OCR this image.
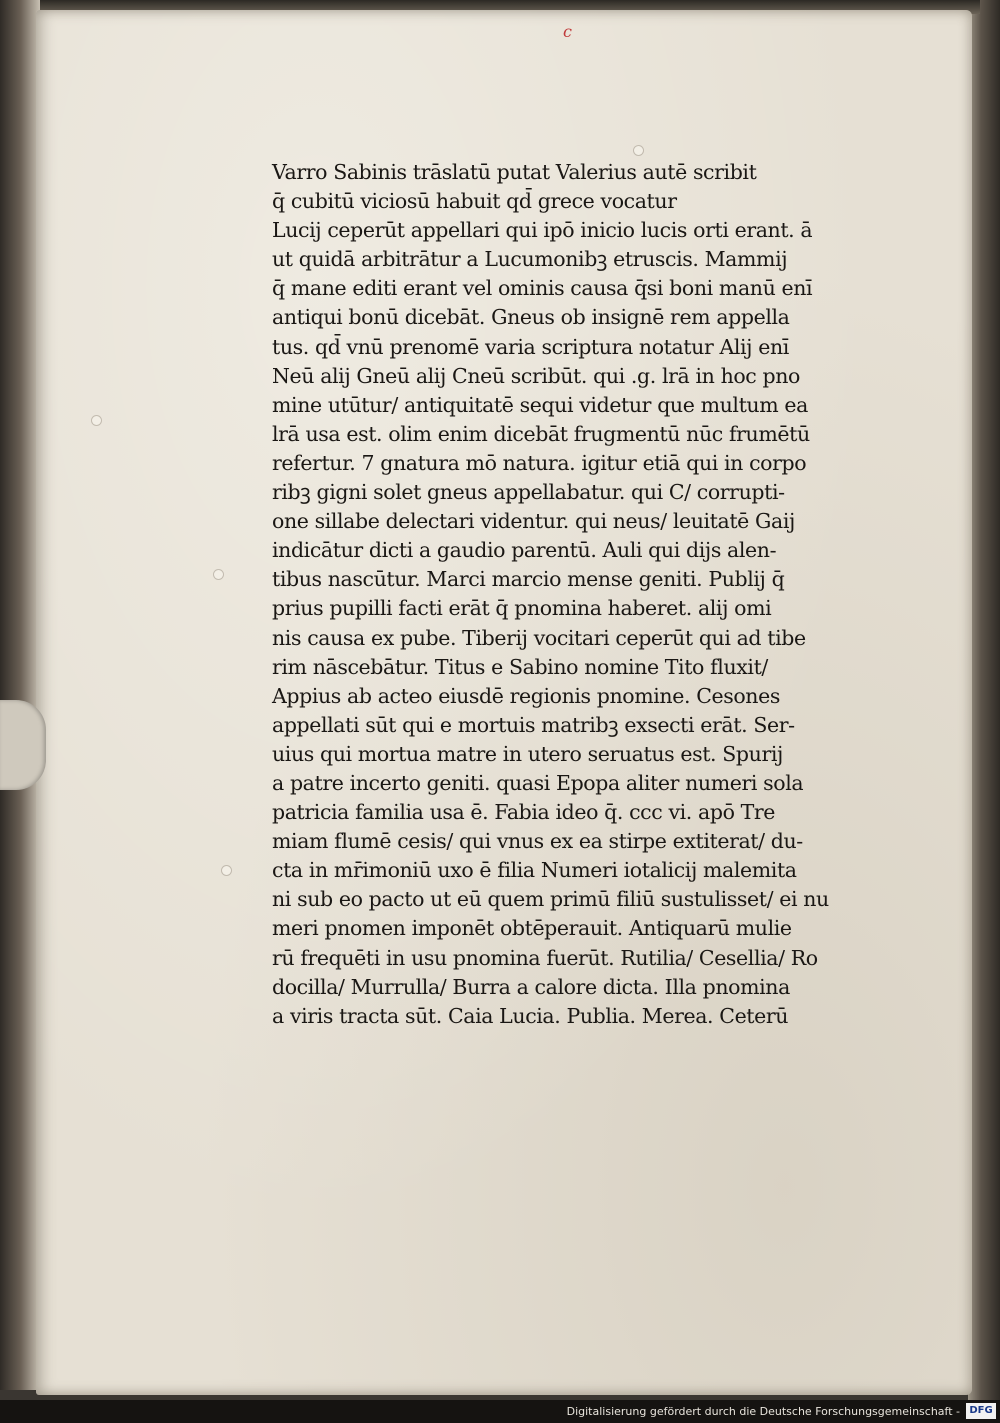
c
Varro Sabinis trāslatū putat Valerius autē scribit
q̄ cubitū viciosū habuit qd̄ grece vocatur
Lucij ceperūt appellari qui ipō inicio lucis orti erant. ā
ut quidā arbitrātur a Lucumonibꝫ etruscis. Mammij
q̄ mane editi erant vel ominis causa q̄si boni manū enī
antiqui bonū dicebāt. Gneus ob insignē rem appella
tus. qd̄ vnū prenomē varia scriptura notatur Alij enī
Neū alij Gneū alij Cneū scribūt. qui .g. lrā in hoc pno
mine utūtur/ antiquitatē sequi videtur que multum ea
lrā usa est. olim enim dicebāt frugmentū nūc frumētū
refertur. 7 gnatura mō natura. igitur etiā qui in corpo
ribꝫ gigni solet gneus appellabatur. qui C/ corrupti-
one sillabe delectari videntur. qui neus/ leuitatē Gaij
indicātur dicti a gaudio parentū. Auli qui dijs alen-
tibus nascūtur. Marci marcio mense geniti. Publij q̄
prius pupilli facti erāt q̄ pnomina haberet. alij omi
nis causa ex pube. Tiberij vocitari ceperūt qui ad tibe
rim nāscebātur. Titus e Sabino nomine Tito fluxit/
Appius ab acteo eiusdē regionis pnomine. Cesones
appellati sūt qui e mortuis matribꝫ exsecti erāt. Ser-
uius qui mortua matre in utero seruatus est. Spurij
a patre incerto geniti. quasi Epopa aliter numeri sola
patricia familia usa ē. Fabia ideo q̄. ccc vi. apō Tre
miam flumē cesis/ qui vnus ex ea stirpe extiterat/ du-
cta in mr̄imoniū uxo ē filia Numeri iotalicij malemita
ni sub eo pacto ut eū quem primū filiū sustulisset/ ei nu
meri pnomen imponēt obtēperauit. Antiquarū mulie
rū frequēti in usu pnomina fuerūt. Rutilia/ Cesellia/ Ro
docilla/ Murrulla/ Burra a calore dicta. Illa pnomina
a viris tracta sūt. Caia Lucia. Publia. Merea. Ceterū
Digitalisierung gefördert durch die Deutsche Forschungsgemeinschaft - DFG
